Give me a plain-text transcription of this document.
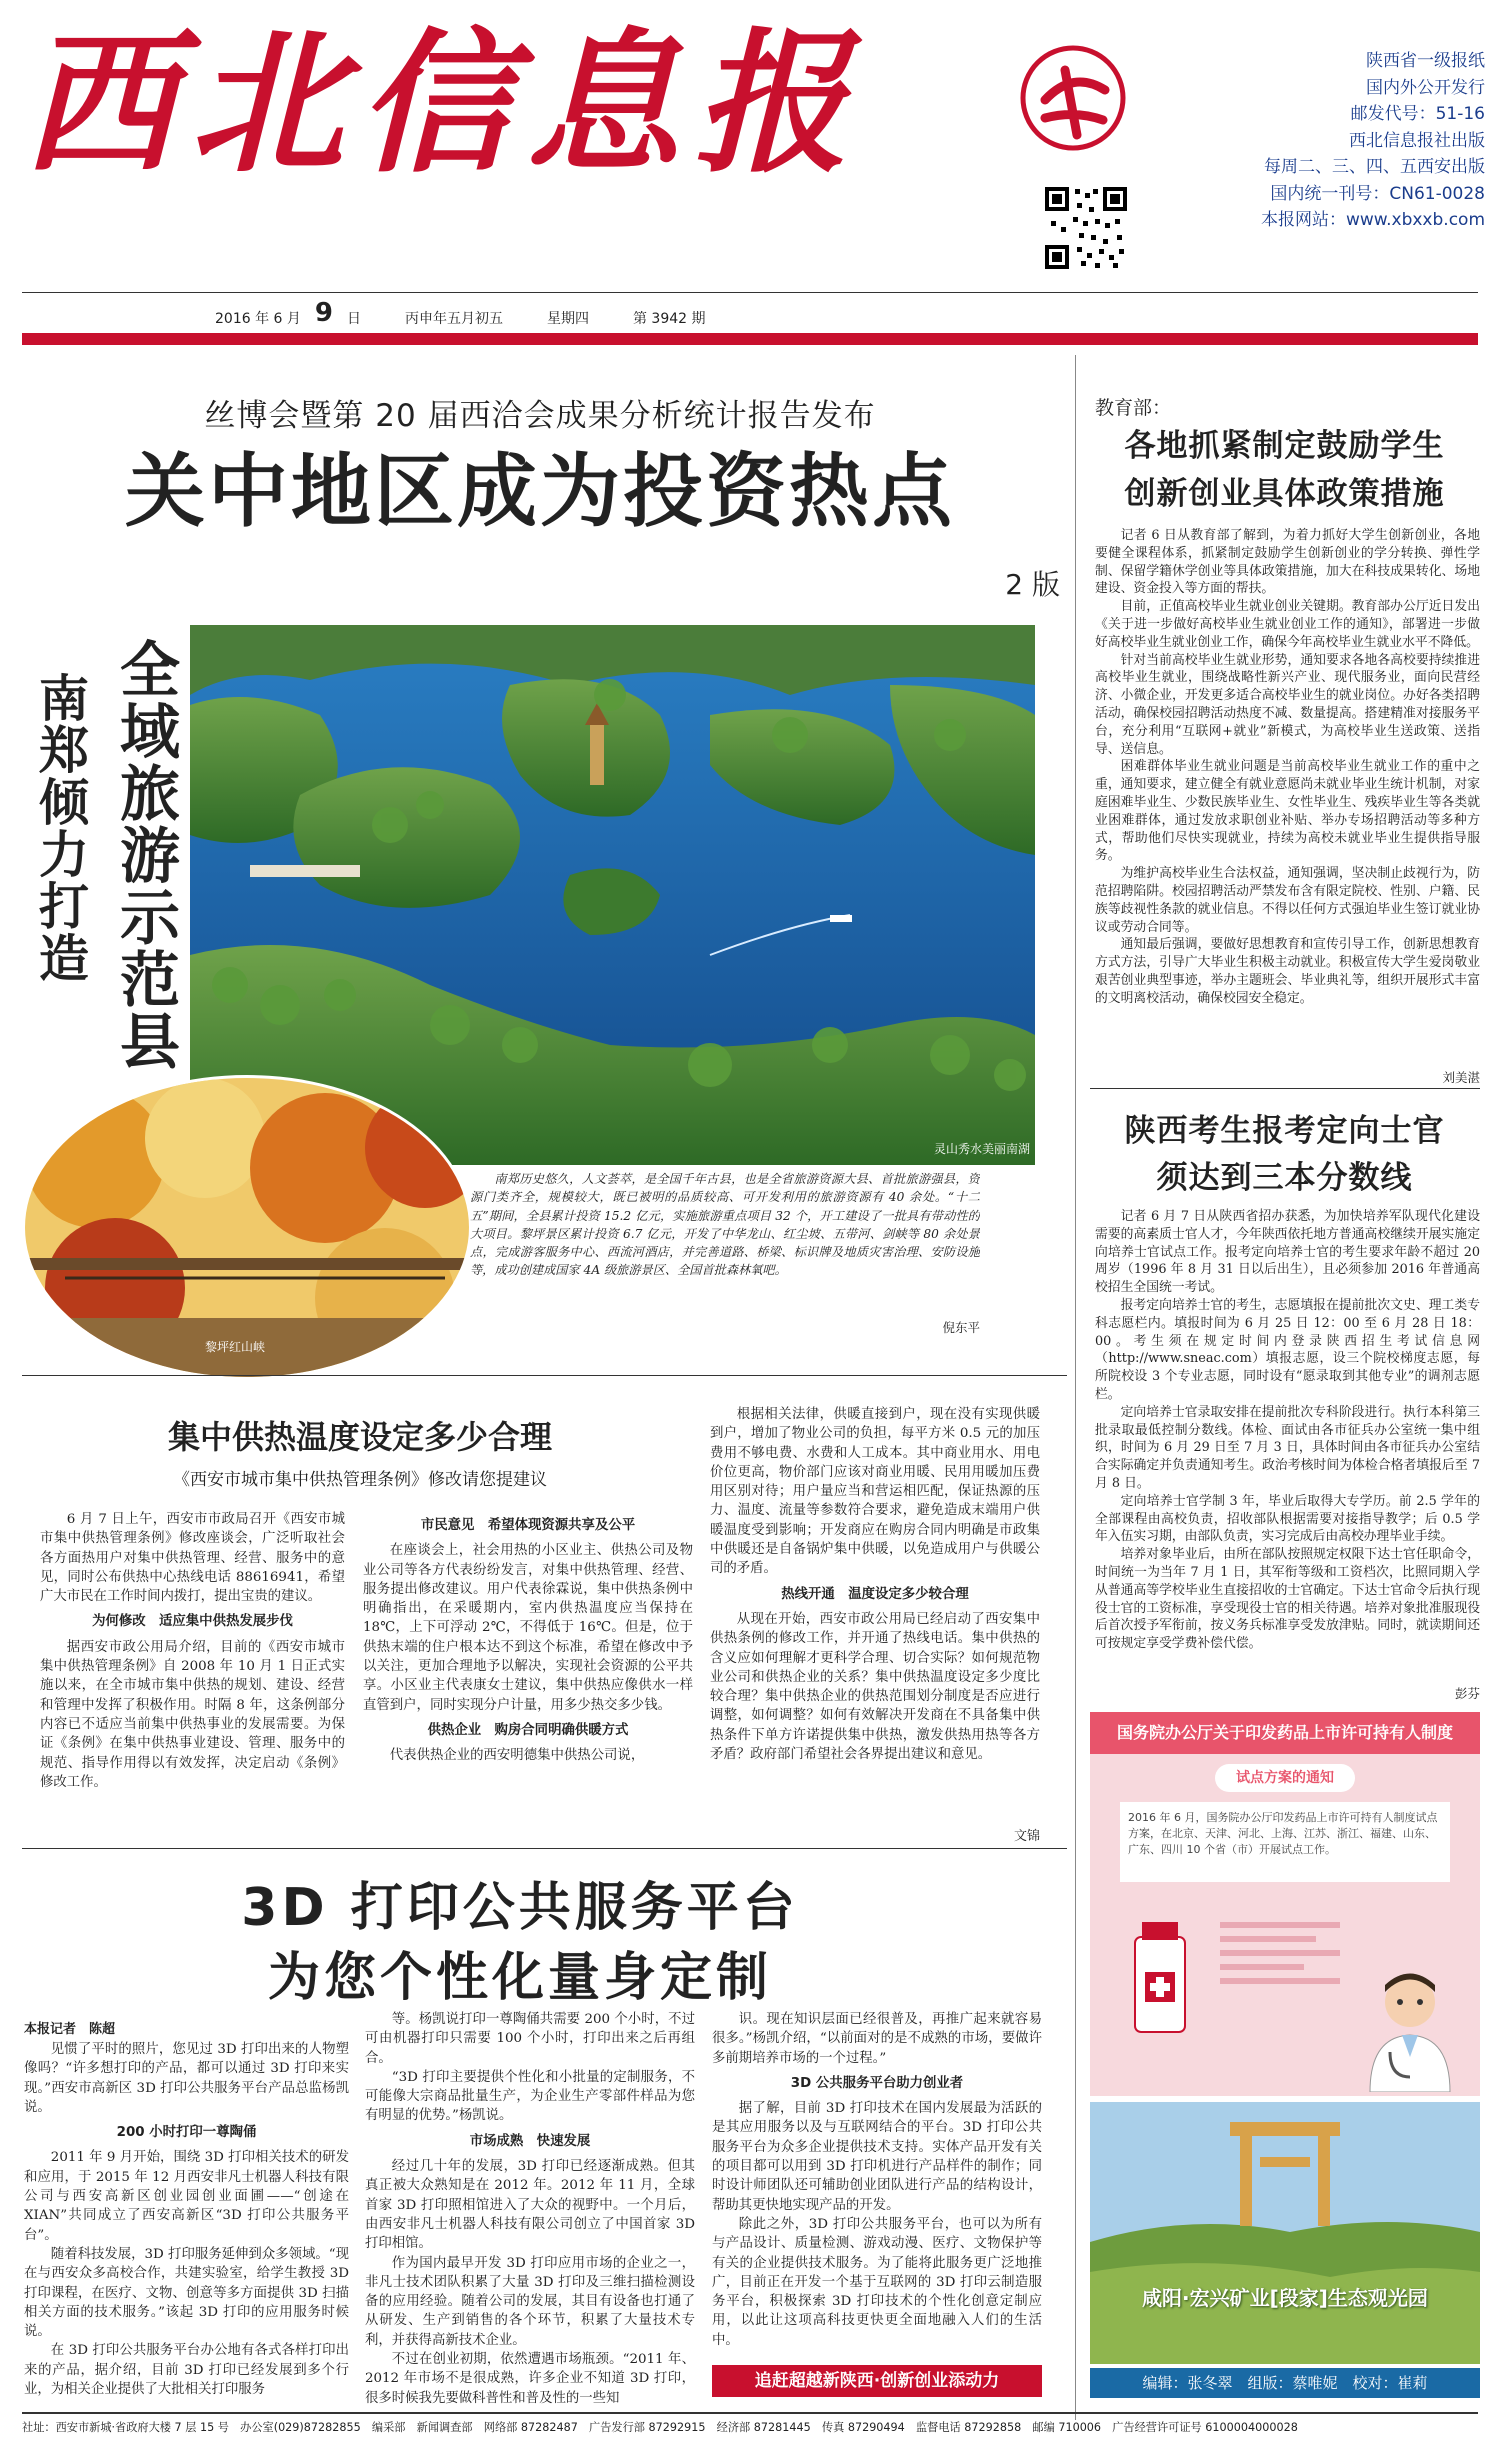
西北信息报	陕西省一级报纸
国内外公开发行
邮发代号：51-16
西北信息报社出版
每周二、三、四、五西安出版
国内统一刊号：CN61-0028
本报网站：www.xbxxb.com
2016 年 6 月 9 日	丙申年五月初五	星期四	第 3942 期
丝博会暨第 20 届西洽会成果分析统计报告发布
关中地区成为投资热点
2 版
全域旅游示范县
南郑倾力打造
灵山秀水美丽南湖
黎坪红山峡
南郑历史悠久，人文荟萃，是全国千年古县，也是全省旅游资源大县、首批旅游强县，资源门类齐全，规模较大，既已被明的品质较高、可开发利用的旅游资源有 40 余处。“十二五”期间，全县累计投资 15.2 亿元，实施旅游重点项目 32 个，开工建设了一批具有带动性的大项目。黎坪景区累计投资 6.7 亿元，开发了中华龙山、红尘坡、五带河、剑峡等 80 余处景点，完成游客服务中心、西流河酒店，并完善道路、桥梁、标识牌及地质灾害治理、安防设施等，成功创建成国家 4A 级旅游景区、全国首批森林氧吧。
倪东平
集中供热温度设定多少合理
《西安市城市集中供热管理条例》修改请您提建议

6 月 7 日上午，西安市市政局召开《西安市城市集中供热管理条例》修改座谈会，广泛听取社会各方面热用户对集中供热管理、经营、服务中的意见，同时公布供热中心热线电话 88616941，希望广大市民在工作时间内拨打，提出宝贵的建议。

为何修改　适应集中供热发展步伐

据西安市政公用局介绍，目前的《西安市城市集中供热管理条例》自 2008 年 10 月 1 日正式实施以来，在全市城市集中供热的规划、建设、经营和管理中发挥了积极作用。时隔 8 年，这条例部分内容已不适应当前集中供热事业的发展需要。为保证《条例》在集中供热事业建设、管理、服务中的规范、指导作用得以有效发挥，决定启动《条例》修改工作。

市民意见　希望体现资源共享及公平

在座谈会上，社会用热的小区业主、供热公司及物业公司等各方代表纷纷发言，对集中供热管理、经营、服务提出修改建议。用户代表徐霖说，集中供热条例中明确指出，在采暖期内，室内供热温度应当保持在 18℃，上下可浮动 2℃，不得低于 16℃。但是，位于供热末端的住户根本达不到这个标准，希望在修改中予以关注，更加合理地予以解决，实现社会资源的公平共享。小区业主代表康女士建议，集中供热应像供水一样直管到户，同时实现分户计量，用多少热交多少钱。

供热企业　购房合同明确供暖方式

代表供热企业的西安明德集中供热公司说，

根据相关法律，供暖直接到户，现在没有实现供暖到户，增加了物业公司的负担，每平方米 0.5 元的加压费用不够电费、水费和人工成本。其中商业用水、用电价位更高，物价部门应该对商业用暖、民用用暖加压费用区别对待；用户量应当和营运相匹配，保证热源的压力、温度、流量等参数符合要求，避免造成末端用户供暖温度受到影响；开发商应在购房合同内明确是市政集中供暖还是自备锅炉集中供暖，以免造成用户与供暖公司的矛盾。

热线开通　温度设定多少较合理

从现在开始，西安市政公用局已经启动了西安集中供热条例的修改工作，并开通了热线电话。集中供热的含义应如何理解才更科学合理、切合实际？如何规范物业公司和供热企业的关系？集中供热温度设定多少度比较合理？集中供热企业的供热范围划分制度是否应进行调整，如何调整？如何有效解决开发商在不具备集中供热条件下单方许诺提供集中供热，激发供热用热等各方矛盾？政府部门希望社会各界提出建议和意见。

文锦
3D 打印公共服务平台
为您个性化量身定制
本报记者　陈超

见惯了平时的照片，您见过 3D 打印出来的人物塑像吗？“许多想打印的产品，都可以通过 3D 打印来实现。”西安市高新区 3D 打印公共服务平台产品总监杨凯说。

200 小时打印一尊陶俑

2011 年 9 月开始，围绕 3D 打印相关技术的研发和应用，于 2015 年 12 月西安非凡士机器人科技有限公司与西安高新区创业园创业面圃——“创途在 XIAN”共同成立了西安高新区“3D 打印公共服务平台”。

随着科技发展，3D 打印服务延伸到众多领域。“现在与西安众多高校合作，共建实验室，给学生教授 3D 打印课程，在医疗、文物、创意等多方面提供 3D 扫描相关方面的技术服务。”该起 3D 打印的应用服务时候说。

在 3D 打印公共服务平台办公地有各式各样打印出来的产品，据介绍，目前 3D 打印已经发展到多个行业，为相关企业提供了大批相关打印服务

等。杨凯说打印一尊陶俑共需要 200 个小时，不过可由机器打印只需要 100 个小时，打印出来之后再组合。

“3D 打印主要提供个性化和小批量的定制服务，不可能像大宗商品批量生产，为企业生产零部件样品为您有明显的优势。”杨凯说。

市场成熟　快速发展

经过几十年的发展，3D 打印已经逐渐成熟。但其真正被大众熟知是在 2012 年。2012 年 11 月，全球首家 3D 打印照相馆进入了大众的视野中。一个月后，由西安非凡士机器人科技有限公司创立了中国首家 3D 打印相馆。

作为国内最早开发 3D 打印应用市场的企业之一，非凡士技术团队积累了大量 3D 打印及三维扫描检测设备的应用经验。随着公司的发展，其目有设备也打通了从研发、生产到销售的各个环节，积累了大量技术专利，并获得高新技术企业。

不过在创业初期，依然遭遇市场瓶颈。“2011 年、2012 年市场不是很成熟，许多企业不知道 3D 打印，很多时候我先要做科普性和普及性的一些知

识。现在知识层面已经很普及，再推广起来就容易很多。”杨凯介绍，“以前面对的是不成熟的市场，要做许多前期培养市场的一个过程。”

3D 公共服务平台助力创业者

据了解，目前 3D 打印技术在国内发展最为活跃的是其应用服务以及与互联网结合的平台。3D 打印公共服务平台为众多企业提供技术支持。实体产品开发有关的项目都可以用到 3D 打印机进行产品样件的制作；同时设计师团队还可辅助创业团队进行产品的结构设计，帮助其更快地实现产品的开发。

除此之外，3D 打印公共服务平台，也可以为所有与产品设计、质量检测、游戏动漫、医疗、文物保护等有关的企业提供技术服务。为了能将此服务更广泛地推广，目前正在开发一个基于互联网的 3D 打印云制造服务平台，积极探索 3D 打印技术的个性化创意定制应用，以此让这项高科技更快更全面地融入人们的生活中。

追赶超越新陕西·创新创业添动力
教育部：
各地抓紧制定鼓励学生
创新创业具体政策措施

记者 6 日从教育部了解到，为着力抓好大学生创新创业，各地要健全课程体系，抓紧制定鼓励学生创新创业的学分转换、弹性学制、保留学籍休学创业等具体政策措施，加大在科技成果转化、场地建设、资金投入等方面的帮扶。

目前，正值高校毕业生就业创业关键期。教育部办公厅近日发出《关于进一步做好高校毕业生就业创业工作的通知》，部署进一步做好高校毕业生就业创业工作，确保今年高校毕业生就业水平不降低。

针对当前高校毕业生就业形势，通知要求各地各高校要持续推进高校毕业生就业，围绕战略性新兴产业、现代服务业，面向民营经济、小微企业，开发更多适合高校毕业生的就业岗位。办好各类招聘活动，确保校园招聘活动热度不减、数量提高。搭建精准对接服务平台，充分利用“互联网+就业”新模式，为高校毕业生送政策、送指导、送信息。

困难群体毕业生就业问题是当前高校毕业生就业工作的重中之重，通知要求，建立健全有就业意愿尚未就业毕业生统计机制，对家庭困难毕业生、少数民族毕业生、女性毕业生、残疾毕业生等各类就业困难群体，通过发放求职创业补贴、举办专场招聘活动等多种方式，帮助他们尽快实现就业，持续为高校未就业毕业生提供指导服务。

为维护高校毕业生合法权益，通知强调，坚决制止歧视行为，防范招聘陷阱。校园招聘活动严禁发布含有限定院校、性别、户籍、民族等歧视性条款的就业信息。不得以任何方式强迫毕业生签订就业协议或劳动合同等。

通知最后强调，要做好思想教育和宣传引导工作，创新思想教育方式方法，引导广大毕业生积极主动就业。积极宣传大学生爱岗敬业艰苦创业典型事迹，举办主题班会、毕业典礼等，组织开展形式丰富的文明离校活动，确保校园安全稳定。

刘美湛
陕西考生报考定向士官
须达到三本分数线

记者 6 月 7 日从陕西省招办获悉，为加快培养军队现代化建设需要的高素质士官人才，今年陕西依托地方普通高校继续开展实施定向培养士官试点工作。报考定向培养士官的考生要求年龄不超过 20 周岁（1996 年 8 月 31 日以后出生），且必须参加 2016 年普通高校招生全国统一考试。

报考定向培养士官的考生，志愿填报在提前批次文史、理工类专科志愿栏内。填报时间为 6 月 25 日 12：00 至 6 月 28 日 18：00。考生须在规定时间内登录陕西招生考试信息网（http://www.sneac.com）填报志愿，设三个院校梯度志愿，每所院校设 3 个专业志愿，同时设有“愿录取到其他专业”的调剂志愿栏。

定向培养士官录取安排在提前批次专科阶段进行。执行本科第三批录取最低控制分数线。体检、面试由各市征兵办公室统一集中组织，时间为 6 月 29 日至 7 月 3 日，具体时间由各市征兵办公室结合实际确定并负责通知考生。政治考核时间为体检合格者填报后至 7 月 8 日。

定向培养士官学制 3 年，毕业后取得大专学历。前 2.5 学年的全部课程由高校负责，招收部队根据需要对接指导教学；后 0.5 学年入伍实习期，由部队负责，实习完成后由高校办理毕业手续。

培养对象毕业后，由所在部队按照规定权限下达士官任职命令，时间统一为当年 7 月 1 日，其军衔等级和工资档次，比照同期入学从普通高等学校毕业生直接招收的士官确定。下达士官命令后执行现役士官的工资标准，享受现役士官的相关待遇。培养对象批准服现役后首次授予军衔前，按义务兵标准享受发放津贴。同时，就读期间还可按规定享受学费补偿代偿。

彭芬
国务院办公厅关于印发药品上市许可持有人制度
试点方案的通知
2016 年 6 月，国务院办公厅印发药品上市许可持有人制度试点方案，在北京、天津、河北、上海、江苏、浙江、福建、山东、广东、四川 10 个省（市）开展试点工作。
咸阳·宏兴矿业[段家]生态观光园
编辑：张冬翠　组版：蔡唯妮　校对：崔莉
社址：西安市新城·省政府大楼 7 层 15 号　办公室(029)87282855　编采部　新闻调查部　网络部 87282487　广告发行部 87292915　经济部 87281445　传真 87290494　监督电话 87292858　邮编 710006　广告经营许可证号 6100004000028
